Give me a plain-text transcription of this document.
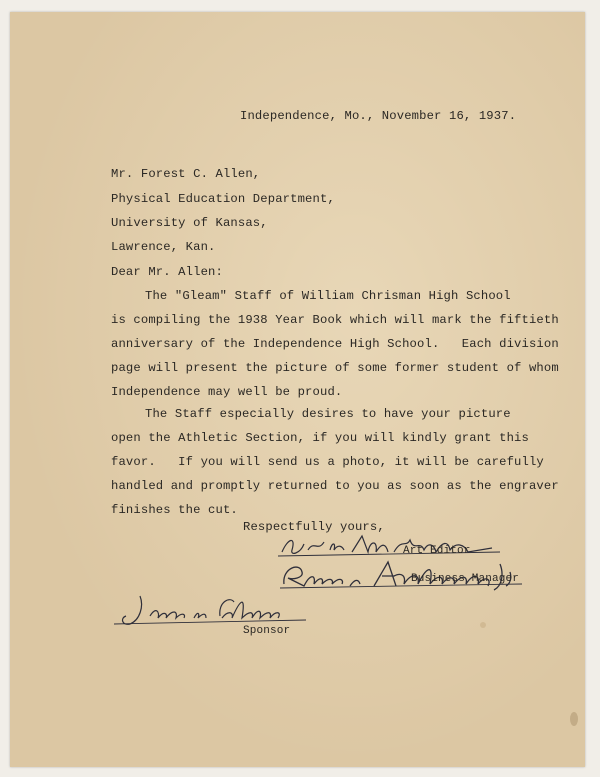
Independence, Mo., November 16, 1937.
Mr. Forest C. Allen,
Physical Education Department,
University of Kansas,
Lawrence, Kan.
Dear Mr. Allen:
The "Gleam" Staff of William Chrisman High School
is compiling the 1938 Year Book which will mark the fiftieth
anniversary of the Independence High School.   Each division
page will present the picture of some former student of whom
Independence may well be proud.
The Staff especially desires to have your picture
open the Athletic Section, if you will kindly grant this
favor.   If you will send us a photo, it will be carefully
handled and promptly returned to you as soon as the engraver
finishes the cut.
Respectfully yours,
Art Editor
Business Manager
Sponsor
